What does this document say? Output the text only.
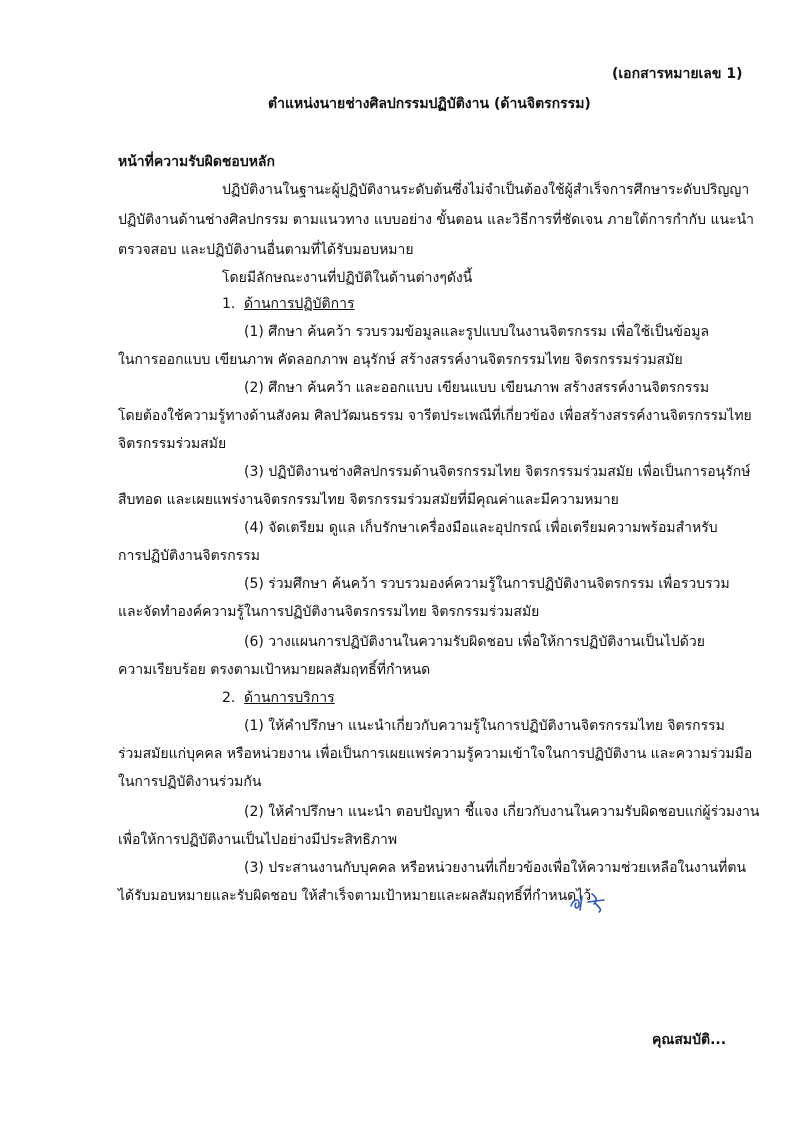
(เอกสารหมายเลข 1)
ตำแหน่งนายช่างศิลปกรรมปฏิบัติงาน (ด้านจิตรกรรม)
หน้าที่ความรับผิดชอบหลัก
ปฏิบัติงานในฐานะผู้ปฏิบัติงานระดับต้นซึ่งไม่จำเป็นต้องใช้ผู้สำเร็จการศึกษาระดับปริญญา
ปฏิบัติงานด้านช่างศิลปกรรม ตามแนวทาง แบบอย่าง ขั้นตอน และวิธีการที่ชัดเจน ภายใต้การกำกับ แนะนำ
ตรวจสอบ และปฏิบัติงานอื่นตามที่ได้รับมอบหมาย
โดยมีลักษณะงานที่ปฏิบัติในด้านต่างๆดังนี้
1. ด้านการปฏิบัติการ
(1) ศึกษา ค้นคว้า รวบรวมข้อมูลและรูปแบบในงานจิตรกรรม เพื่อใช้เป็นข้อมูล
ในการออกแบบ เขียนภาพ คัดลอกภาพ อนุรักษ์ สร้างสรรค์งานจิตรกรรมไทย จิตรกรรมร่วมสมัย
(2) ศึกษา ค้นคว้า และออกแบบ เขียนแบบ เขียนภาพ สร้างสรรค์งานจิตรกรรม
โดยต้องใช้ความรู้ทางด้านสังคม ศิลปวัฒนธรรม จารีตประเพณีที่เกี่ยวข้อง เพื่อสร้างสรรค์งานจิตรกรรมไทย
จิตรกรรมร่วมสมัย
(3) ปฏิบัติงานช่างศิลปกรรมด้านจิตรกรรมไทย จิตรกรรมร่วมสมัย เพื่อเป็นการอนุรักษ์
สืบทอด และเผยแพร่งานจิตรกรรมไทย จิตรกรรมร่วมสมัยที่มีคุณค่าและมีความหมาย
(4) จัดเตรียม ดูแล เก็บรักษาเครื่องมือและอุปกรณ์ เพื่อเตรียมความพร้อมสำหรับ
การปฏิบัติงานจิตรกรรม
(5) ร่วมศึกษา ค้นคว้า รวบรวมองค์ความรู้ในการปฏิบัติงานจิตรกรรม เพื่อรวบรวม
และจัดทำองค์ความรู้ในการปฏิบัติงานจิตรกรรมไทย จิตรกรรมร่วมสมัย
(6) วางแผนการปฏิบัติงานในความรับผิดชอบ เพื่อให้การปฏิบัติงานเป็นไปด้วย
ความเรียบร้อย ตรงตามเป้าหมายผลสัมฤทธิ์ที่กำหนด
2. ด้านการบริการ
(1) ให้คำปรึกษา แนะนำเกี่ยวกับความรู้ในการปฏิบัติงานจิตรกรรมไทย จิตรกรรม
ร่วมสมัยแก่บุคคล หรือหน่วยงาน เพื่อเป็นการเผยแพร่ความรู้ความเข้าใจในการปฏิบัติงาน และความร่วมมือ
ในการปฏิบัติงานร่วมกัน
(2) ให้คำปรึกษา แนะนำ ตอบปัญหา ชี้แจง เกี่ยวกับงานในความรับผิดชอบแก่ผู้ร่วมงาน
เพื่อให้การปฏิบัติงานเป็นไปอย่างมีประสิทธิภาพ
(3) ประสานงานกับบุคคล หรือหน่วยงานที่เกี่ยวข้องเพื่อให้ความช่วยเหลือในงานที่ตน
ได้รับมอบหมายและรับผิดชอบ ให้สำเร็จตามเป้าหมายและผลสัมฤทธิ์ที่กำหนดไว้
คุณสมบัติ...
